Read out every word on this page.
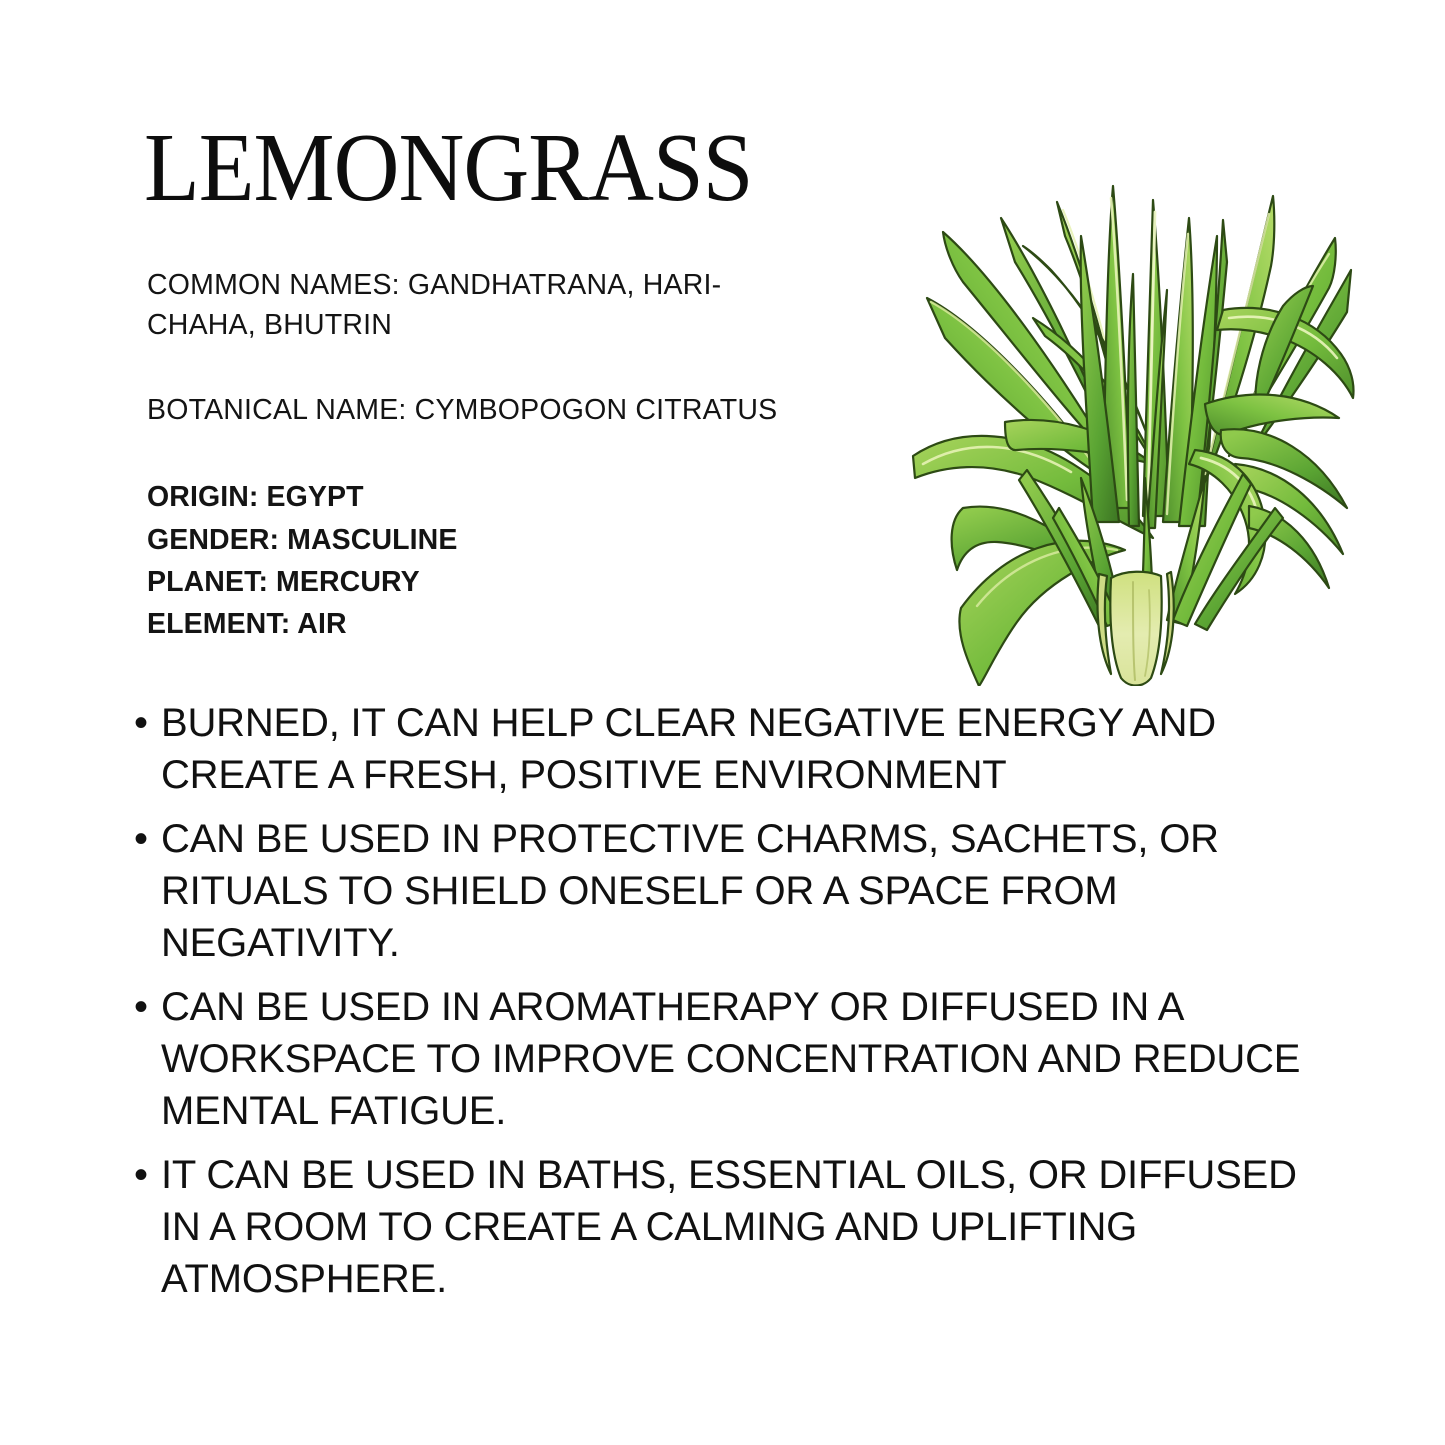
LEMONGRASS
COMMON NAMES: GANDHATRANA, HARI-
CHAHA, BHUTRIN
BOTANICAL NAME: CYMBOPOGON CITRATUS
ORIGIN: EGYPT
GENDER: MASCULINE
PLANET: MERCURY
ELEMENT: AIR
• BURNED, IT CAN HELP CLEAR NEGATIVE ENERGY AND CREATE A FRESH, POSITIVE ENVIRONMENT
• CAN BE USED IN PROTECTIVE CHARMS, SACHETS, OR RITUALS TO SHIELD ONESELF OR A SPACE FROM NEGATIVITY.
• CAN BE USED IN AROMATHERAPY OR DIFFUSED IN A WORKSPACE TO IMPROVE CONCENTRATION AND REDUCE MENTAL FATIGUE.
• IT CAN BE USED IN BATHS, ESSENTIAL OILS, OR DIFFUSED IN A ROOM TO CREATE A CALMING AND UPLIFTING ATMOSPHERE.
